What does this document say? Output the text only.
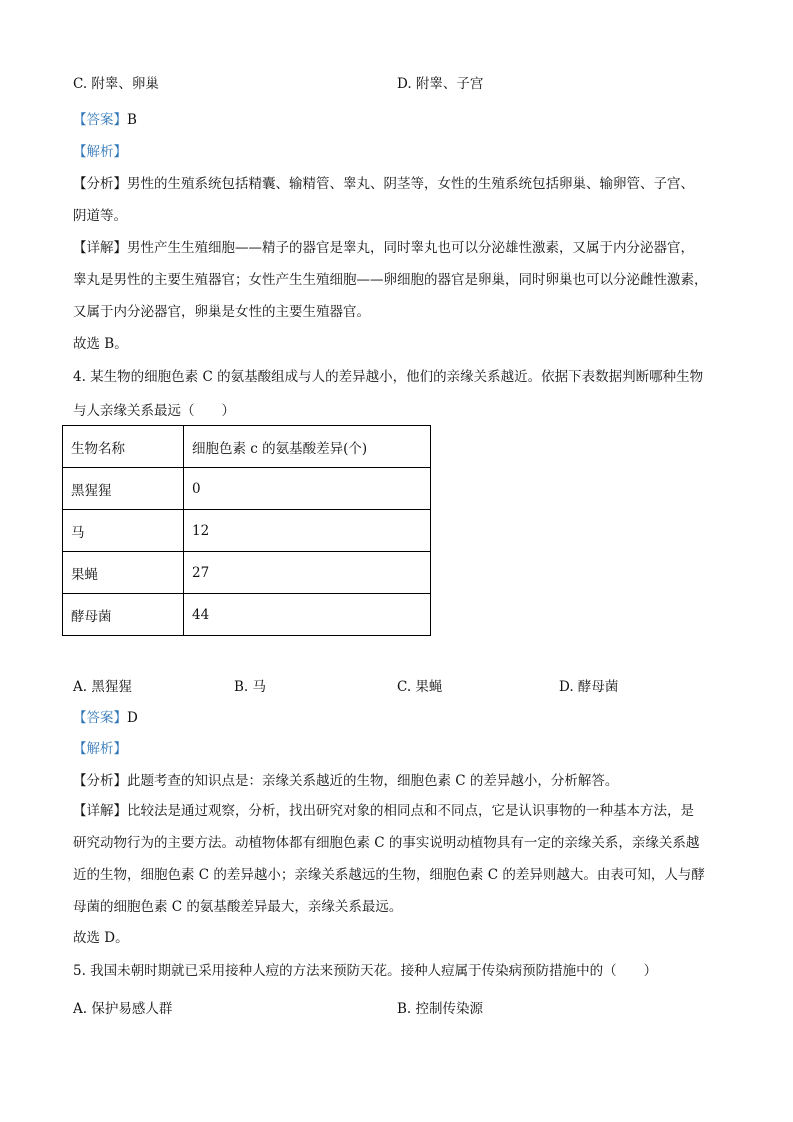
C. 附睾、卵巢	D. 附睾、子宫
【答案】B
【解析】
【分析】男性的生殖系统包括精囊、输精管、睾丸、阴茎等，女性的生殖系统包括卵巢、输卵管、子宫、
阴道等。
【详解】男性产生生殖细胞——精子的器官是睾丸，同时睾丸也可以分泌雄性激素，又属于内分泌器官，
睾丸是男性的主要生殖器官；女性产生生殖细胞——卵细胞的器官是卵巢，同时卵巢也可以分泌雌性激素，
又属于内分泌器官，卵巢是女性的主要生殖器官。
故选 B。
4. 某生物的细胞色素 C 的氨基酸组成与人的差异越小，他们的亲缘关系越近。依据下表数据判断哪种生物
与人亲缘关系最远（　　）
生物名称	细胞色素 c 的氨基酸差异(个)
黑猩猩	0
马	12
果蝇	27
酵母菌	44
A. 黑猩猩	B. 马	C. 果蝇	D. 酵母菌
【答案】D
【解析】
【分析】此题考查的知识点是：亲缘关系越近的生物，细胞色素 C 的差异越小，分析解答。
【详解】比较法是通过观察，分析，找出研究对象的相同点和不同点，它是认识事物的一种基本方法，是
研究动物行为的主要方法。动植物体都有细胞色素 C 的事实说明动植物具有一定的亲缘关系，亲缘关系越
近的生物，细胞色素 C 的差异越小；亲缘关系越远的生物，细胞色素 C 的差异则越大。由表可知，人与酵
母菌的细胞色素 C 的氨基酸差异最大，亲缘关系最远。
故选 D。
5. 我国未朝时期就已采用接种人痘的方法来预防天花。接种人痘属于传染病预防措施中的（　　）
A. 保护易感人群	B. 控制传染源
